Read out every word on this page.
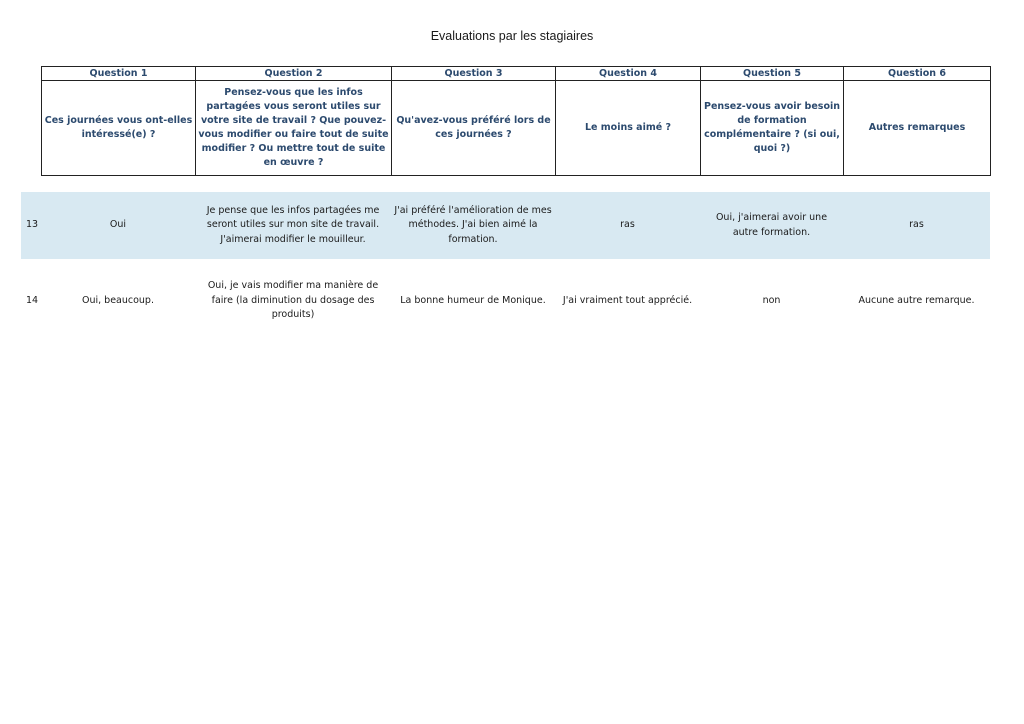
Evaluations par les stagiaires
Question 1	Question 2	Question 3	Question 4	Question 5	Question 6
Ces journées vous ont-elles intéressé(e) ?	Pensez-vous que les infos partagées vous seront utiles sur votre site de travail ? Que pouvez-vous modifier ou faire tout de suite modifier ? Ou mettre tout de suite en œuvre ?	Qu'avez-vous préféré lors de ces journées ?	Le moins aimé ?	Pensez-vous avoir besoin de formation complémentaire ? (si oui, quoi ?)	Autres remarques
13	Oui	Je pense que les infos partagées me seront utiles sur mon site de travail. J'aimerai modifier le mouilleur.	J'ai préféré l'amélioration de mes méthodes. J'ai bien aimé la formation.	ras	Oui, j'aimerai avoir une autre formation.	ras
14	Oui, beaucoup.	Oui, je vais modifier ma manière de faire (la diminution du dosage des produits)	La bonne humeur de Monique.	J'ai vraiment tout apprécié.	non	Aucune autre remarque.
